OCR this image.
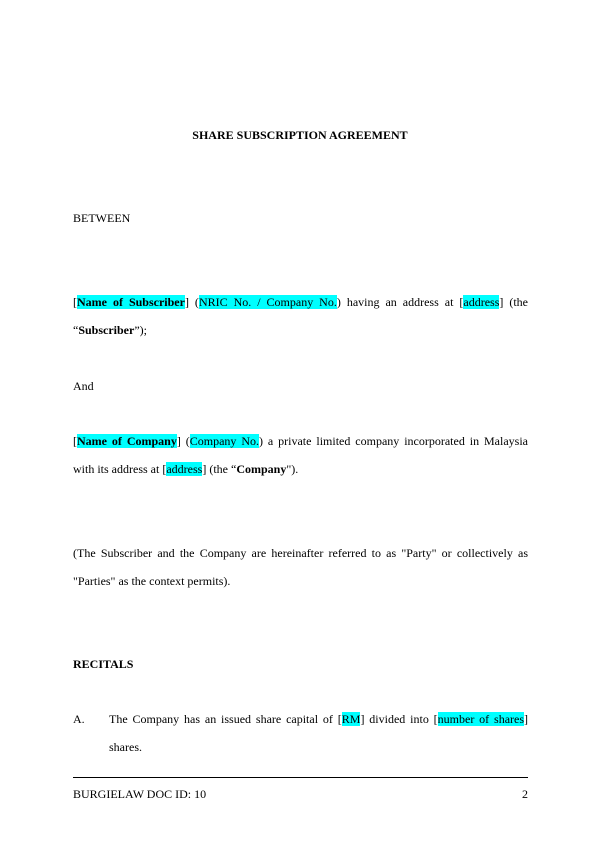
SHARE SUBSCRIPTION AGREEMENT
BETWEEN
[Name of Subscriber] (NRIC No. / Company No.) having an address at [address] (the
“Subscriber”);
And
[Name of Company] (Company No.) a private limited company incorporated in Malaysia
with its address at [address] (the “Company").
(The Subscriber and the Company are hereinafter referred to as "Party" or collectively as
"Parties" as the context permits).
RECITALS
A. The Company has an issued share capital of [RM] divided into [number of shares]
shares.
BURGIELAW DOC ID: 10	2
